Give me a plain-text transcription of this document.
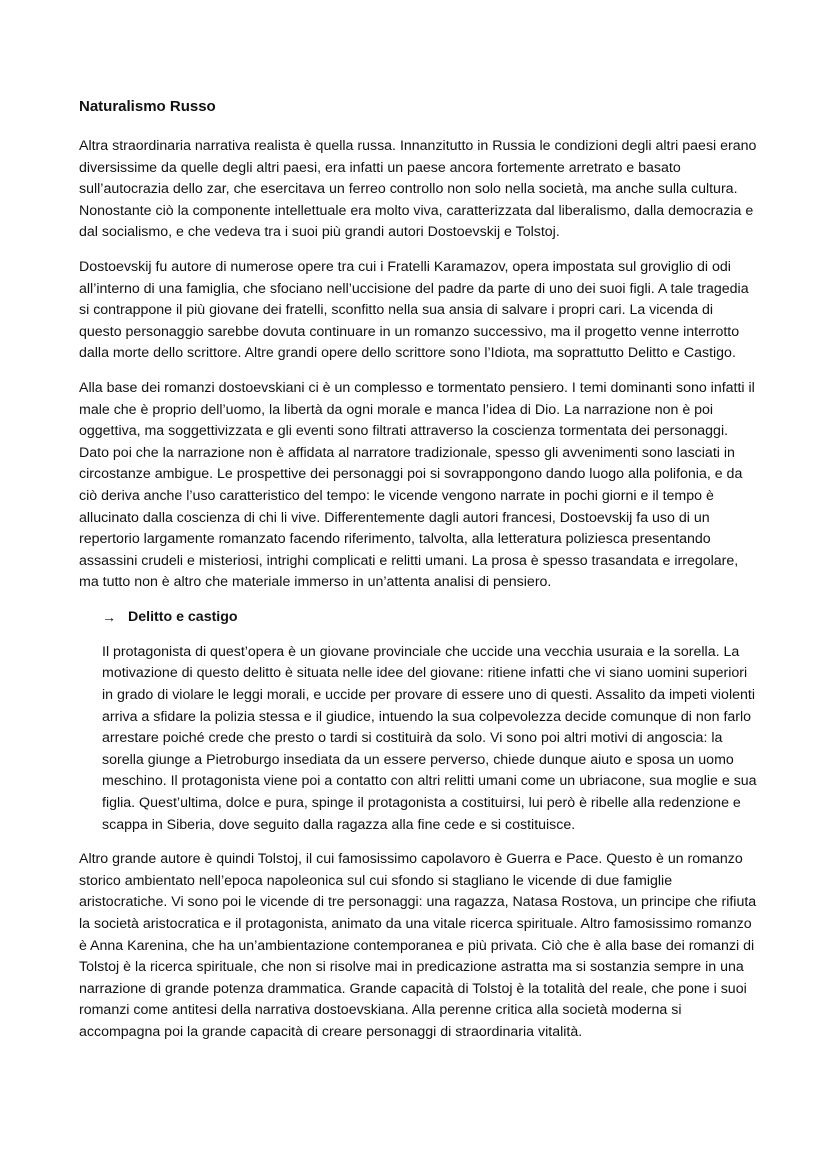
Naturalismo Russo

Altra straordinaria narrativa realista è quella russa. Innanzitutto in Russia le condizioni degli altri paesi erano diversissime da quelle degli altri paesi, era infatti un paese ancora fortemente arretrato e basato sull’autocrazia dello zar, che esercitava un ferreo controllo non solo nella società, ma anche sulla cultura. Nonostante ciò la componente intellettuale era molto viva, caratterizzata dal liberalismo, dalla democrazia e dal socialismo, e che vedeva tra i suoi più grandi autori Dostoevskij e Tolstoj.

Dostoevskij fu autore di numerose opere tra cui i Fratelli Karamazov, opera impostata sul groviglio di odi all’interno di una famiglia, che sfociano nell’uccisione del padre da parte di uno dei suoi figli. A tale tragedia si contrappone il più giovane dei fratelli, sconfitto nella sua ansia di salvare i propri cari. La vicenda di questo personaggio sarebbe dovuta continuare in un romanzo successivo, ma il progetto venne interrotto dalla morte dello scrittore. Altre grandi opere dello scrittore sono l’Idiota, ma soprattutto Delitto e Castigo.

Alla base dei romanzi dostoevskiani ci è un complesso e tormentato pensiero. I temi dominanti sono infatti il male che è proprio dell’uomo, la libertà da ogni morale e manca l’idea di Dio. La narrazione non è poi oggettiva, ma soggettivizzata e gli eventi sono filtrati attraverso la coscienza tormentata dei personaggi. Dato poi che la narrazione non è affidata al narratore tradizionale, spesso gli avvenimenti sono lasciati in circostanze ambigue. Le prospettive dei personaggi poi si sovrappongono dando luogo alla polifonia, e da ciò deriva anche l’uso caratteristico del tempo: le vicende vengono narrate in pochi giorni e il tempo è allucinato dalla coscienza di chi li vive. Differentemente dagli autori francesi, Dostoevskij fa uso di un repertorio largamente romanzato facendo riferimento, talvolta, alla letteratura poliziesca presentando assassini crudeli e misteriosi, intrighi complicati e relitti umani. La prosa è spesso trasandata e irregolare, ma tutto non è altro che materiale immerso in un’attenta analisi di pensiero.

→ Delitto e castigo

Il protagonista di quest’opera è un giovane provinciale che uccide una vecchia usuraia e la sorella. La motivazione di questo delitto è situata nelle idee del giovane: ritiene infatti che vi siano uomini superiori in grado di violare le leggi morali, e uccide per provare di essere uno di questi. Assalito da impeti violenti arriva a sfidare la polizia stessa e il giudice, intuendo la sua colpevolezza decide comunque di non farlo arrestare poiché crede che presto o tardi si costituirà da solo. Vi sono poi altri motivi di angoscia: la sorella giunge a Pietroburgo insediata da un essere perverso, chiede dunque aiuto e sposa un uomo meschino. Il protagonista viene poi a contatto con altri relitti umani come un ubriacone, sua moglie e sua figlia. Quest’ultima, dolce e pura, spinge il protagonista a costituirsi, lui però è ribelle alla redenzione e scappa in Siberia, dove seguito dalla ragazza alla fine cede e si costituisce.

Altro grande autore è quindi Tolstoj, il cui famosissimo capolavoro è Guerra e Pace. Questo è un romanzo storico ambientato nell’epoca napoleonica sul cui sfondo si stagliano le vicende di due famiglie aristocratiche. Vi sono poi le vicende di tre personaggi: una ragazza, Natasa Rostova, un principe che rifiuta la società aristocratica e il protagonista, animato da una vitale ricerca spirituale. Altro famosissimo romanzo è Anna Karenina, che ha un’ambientazione contemporanea e più privata. Ciò che è alla base dei romanzi di Tolstoj è la ricerca spirituale, che non si risolve mai in predicazione astratta ma si sostanzia sempre in una narrazione di grande potenza drammatica. Grande capacità di Tolstoj è la totalità del reale, che pone i suoi romanzi come antitesi della narrativa dostoevskiana. Alla perenne critica alla società moderna si accompagna poi la grande capacità di creare personaggi di straordinaria vitalità.
